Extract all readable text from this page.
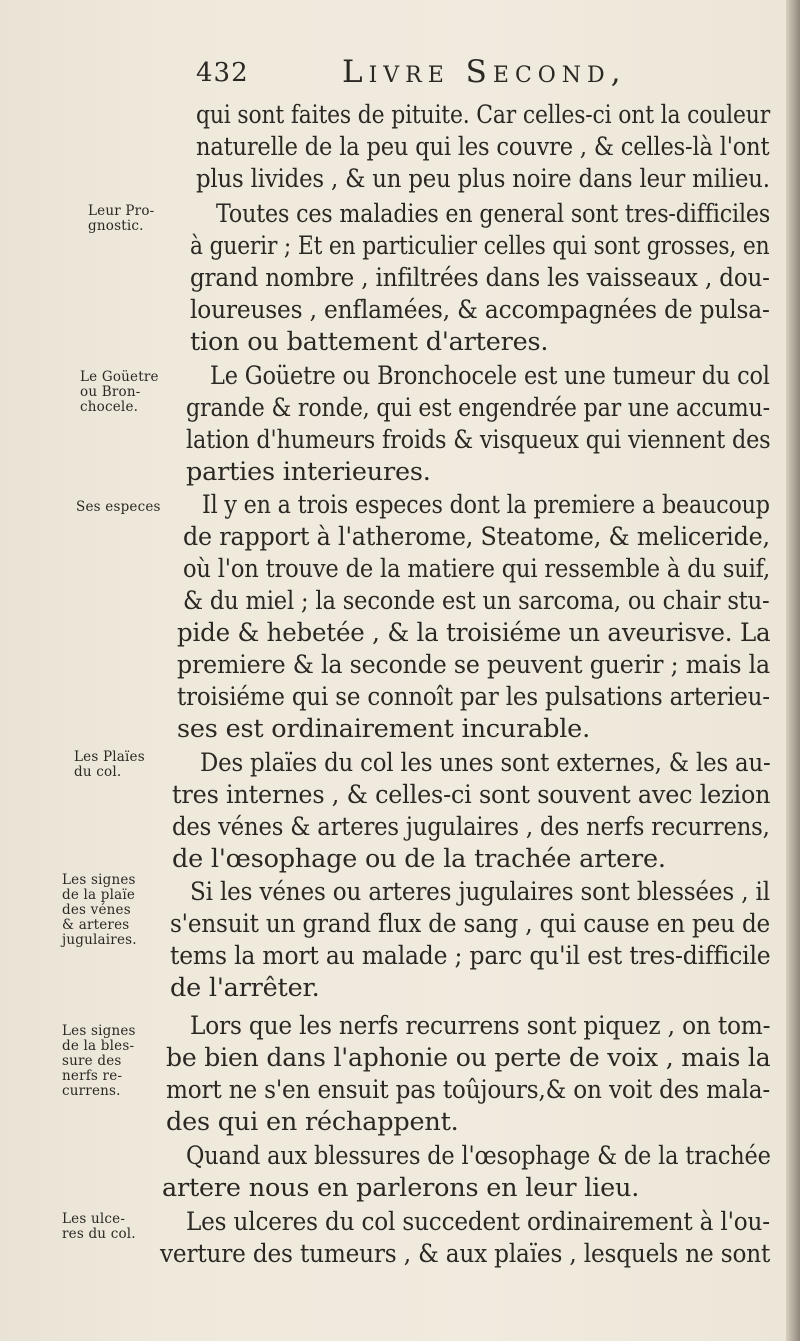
432	Livre Second,
qui sont faites de pituite. Car celles-ci ont la couleur
naturelle de la peu qui les couvre , & celles-là l'ont
plus livides , & un peu plus noire dans leur milieu.
Toutes ces maladies en general sont tres-difficiles
à guerir ; Et en particulier celles qui sont grosses, en
grand nombre , infiltrées dans les vaisseaux , dou-
loureuses , enflamées, & accompagnées de pulsa-
tion ou battement d'arteres.
Le Goüetre ou Bronchocele est une tumeur du col
grande & ronde, qui est engendrée par une accumu-
lation d'humeurs froids & visqueux qui viennent des
parties interieures.
Il y en a trois especes dont la premiere a beaucoup
de rapport à l'atherome, Steatome, & meliceride,
où l'on trouve de la matiere qui ressemble à du suif,
& du miel ; la seconde est un sarcoma, ou chair stu-
pide & hebetée , & la troisiéme un aveurisve. La
premiere & la seconde se peuvent guerir ; mais la
troisiéme qui se connoît par les pulsations arterieu-
ses est ordinairement incurable.
Des plaïes du col les unes sont externes, & les au-
tres internes , & celles-ci sont souvent avec lezion
des vénes & arteres jugulaires , des nerfs recurrens,
de l'œsophage ou de la trachée artere.
Si les vénes ou arteres jugulaires sont blessées , il
s'ensuit un grand flux de sang , qui cause en peu de
tems la mort au malade ; parc qu'il est tres-difficile
de l'arrêter.
Lors que les nerfs recurrens sont piquez , on tom-
be bien dans l'aphonie ou perte de voix , mais la
mort ne s'en ensuit pas toûjours,& on voit des mala-
des qui en réchappent.
Quand aux blessures de l'œsophage & de la trachée
artere nous en parlerons en leur lieu.
Les ulceres du col succedent ordinairement à l'ou-
verture des tumeurs , & aux plaïes , lesquels ne sont
Leur Pro-
gnostic.
Le Goüetre
ou Bron-
chocele.
Ses especes
Les Plaïes
du col.
Les signes
de la plaïe
des vénes
& arteres
jugulaires.
Les signes
de la bles-
sure des
nerfs re-
currens.
Les ulce-
res du col.
